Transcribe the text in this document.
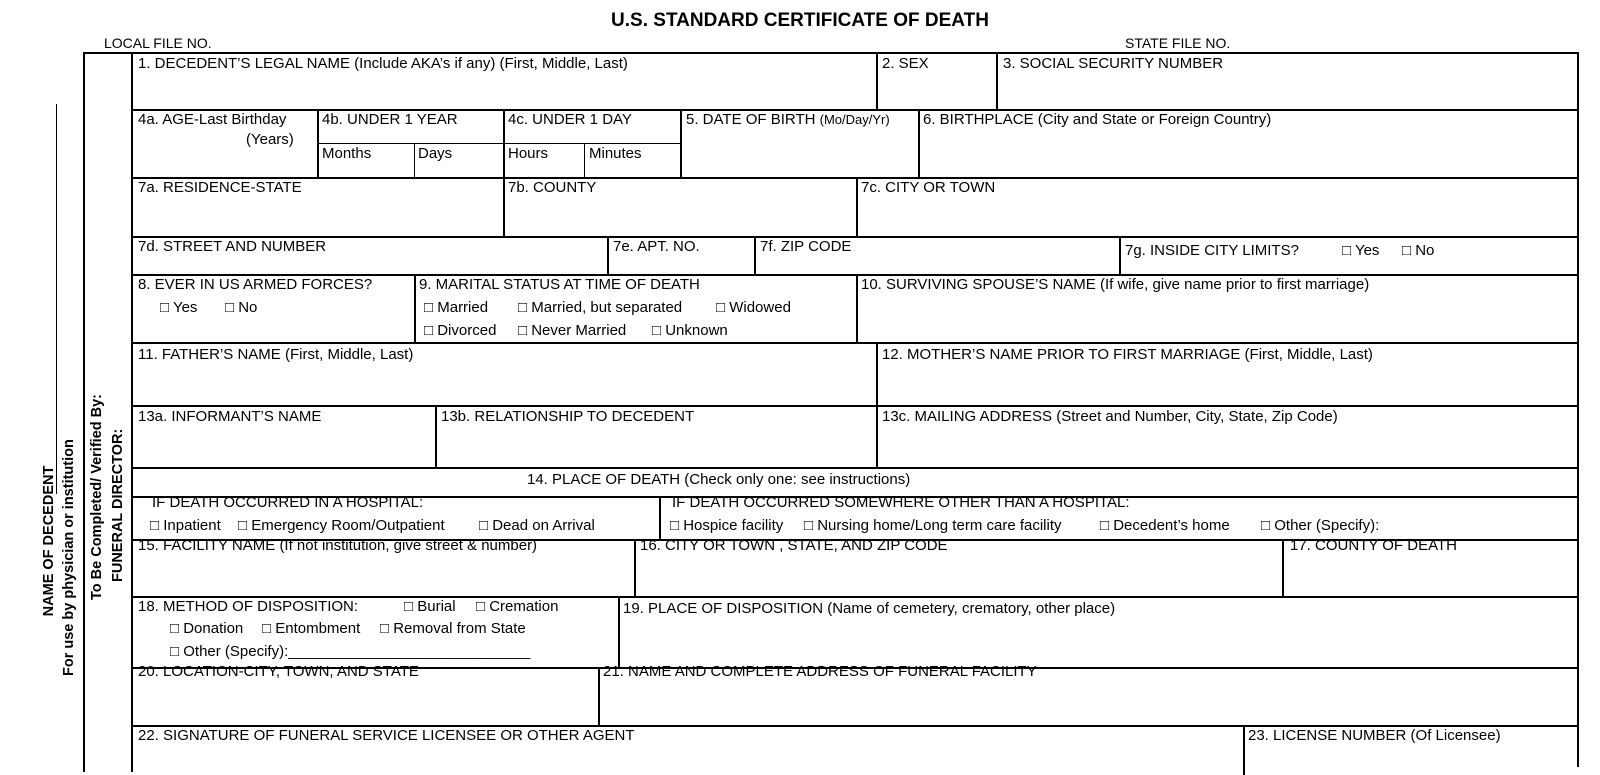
U.S. STANDARD CERTIFICATE OF DEATH
LOCAL FILE NO.	STATE FILE NO.
NAME OF DECEDENT For use by physician or institution To Be Completed/ Verified By: FUNERAL DIRECTOR:
1. DECEDENT’S LEGAL NAME (Include AKA’s if any) (First, Middle, Last)	2. SEX	3. SOCIAL SECURITY NUMBER
4a. AGE-Last Birthday
(Years)
4b. UNDER 1 YEAR
Months	Days
4c. UNDER 1 DAY
Hours	Minutes
5. DATE OF BIRTH (Mo/Day/Yr) 6. BIRTHPLACE (City and State or Foreign Country)
7a. RESIDENCE-STATE	7b. COUNTY	7c. CITY OR TOWN
7d. STREET AND NUMBER	7e. APT. NO.	7f. ZIP CODE	7g. INSIDE CITY LIMITS?	□ Yes □ No
8. EVER IN US ARMED FORCES?
□ Yes □ No
9. MARITAL STATUS AT TIME OF DEATH
□ Married □ Married, but separated □ Widowed
□ Divorced □ Never Married □ Unknown
10. SURVIVING SPOUSE’S NAME (If wife, give name prior to first marriage)
11. FATHER’S NAME (First, Middle, Last)	12. MOTHER’S NAME PRIOR TO FIRST MARRIAGE (First, Middle, Last)
13a. INFORMANT’S NAME	13b. RELATIONSHIP TO DECEDENT	13c. MAILING ADDRESS (Street and Number, City, State, Zip Code)
14. PLACE OF DEATH (Check only one: see instructions)
IF DEATH OCCURRED IN A HOSPITAL:
□ Inpatient □ Emergency Room/Outpatient □ Dead on Arrival
IF DEATH OCCURRED SOMEWHERE OTHER THAN A HOSPITAL:
□ Hospice facility □ Nursing home/Long term care facility	□ Decedent’s home □ Other (Specify):
15. FACILITY NAME (If not institution, give street & number)	16. CITY OR TOWN , STATE, AND ZIP CODE	17. COUNTY OF DEATH
18. METHOD OF DISPOSITION:	□ Burial □ Cremation
□ Donation □ Entombment □ Removal from State
□ Other (Specify):_____________________________
19. PLACE OF DISPOSITION (Name of cemetery, crematory, other place)
20. LOCATION-CITY, TOWN, AND STATE	21. NAME AND COMPLETE ADDRESS OF FUNERAL FACILITY
22. SIGNATURE OF FUNERAL SERVICE LICENSEE OR OTHER AGENT	23. LICENSE NUMBER (Of Licensee)
